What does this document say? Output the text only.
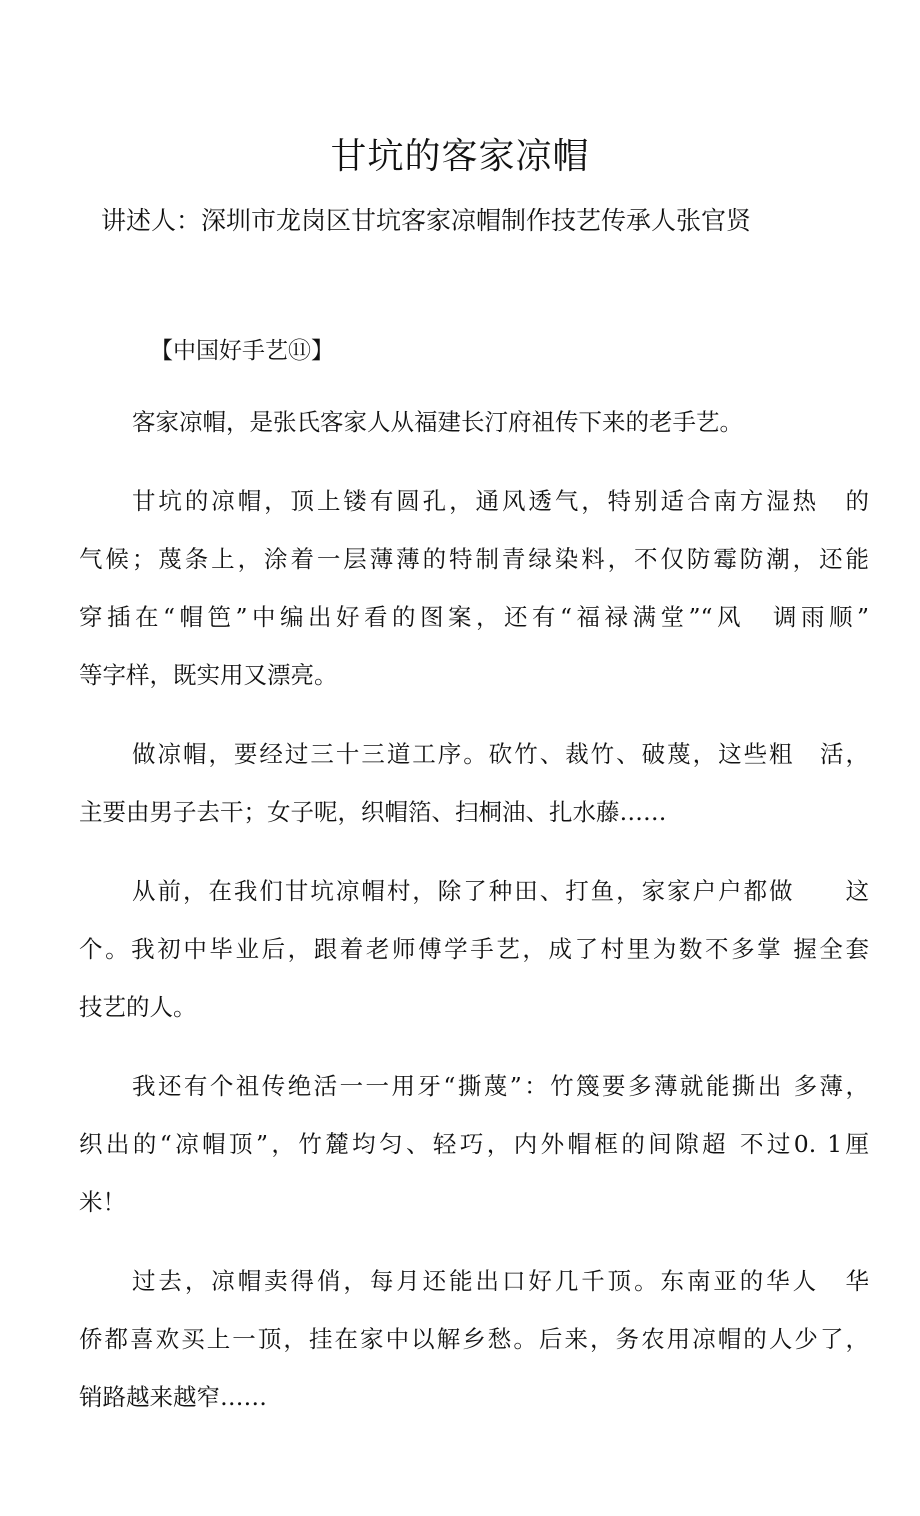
甘坑的客家凉帽

讲述人：深圳市龙岗区甘坑客家凉帽制作技艺传承人张官贤

【中国好手艺⑪】
客家凉帽，是张氏客家人从福建长汀府祖传下来的老手艺。
甘坑的凉帽，顶上镂有圆孔，通风透气，特别适合南方湿热　的
气候；蔑条上，涂着一层薄薄的特制青绿染料，不仅防霉防潮，还能
穿插在“帽笆”中编出好看的图案，还有“福禄满堂”“风　调雨顺”
等字样，既实用又漂亮。
做凉帽，要经过三十三道工序。砍竹、裁竹、破蔑，这些粗　活，
主要由男子去干；女子呢，织帽箔、扫桐油、扎水藤……
从前，在我们甘坑凉帽村，除了种田、打鱼，家家户户都做　　这
个。我初中毕业后，跟着老师傅学手艺，成了村里为数不多掌 握全套
技艺的人。
我还有个祖传绝活一一用牙“撕蔑”：竹篾要多薄就能撕出 多薄，
织出的“凉帽顶”，竹麓均匀、轻巧，内外帽框的间隙超 不过0. 1厘
米！
过去，凉帽卖得俏，每月还能出口好几千顶。东南亚的华人　华
侨都喜欢买上一顶，挂在家中以解乡愁。后来，务农用凉帽的人少了，
销路越来越窄……
